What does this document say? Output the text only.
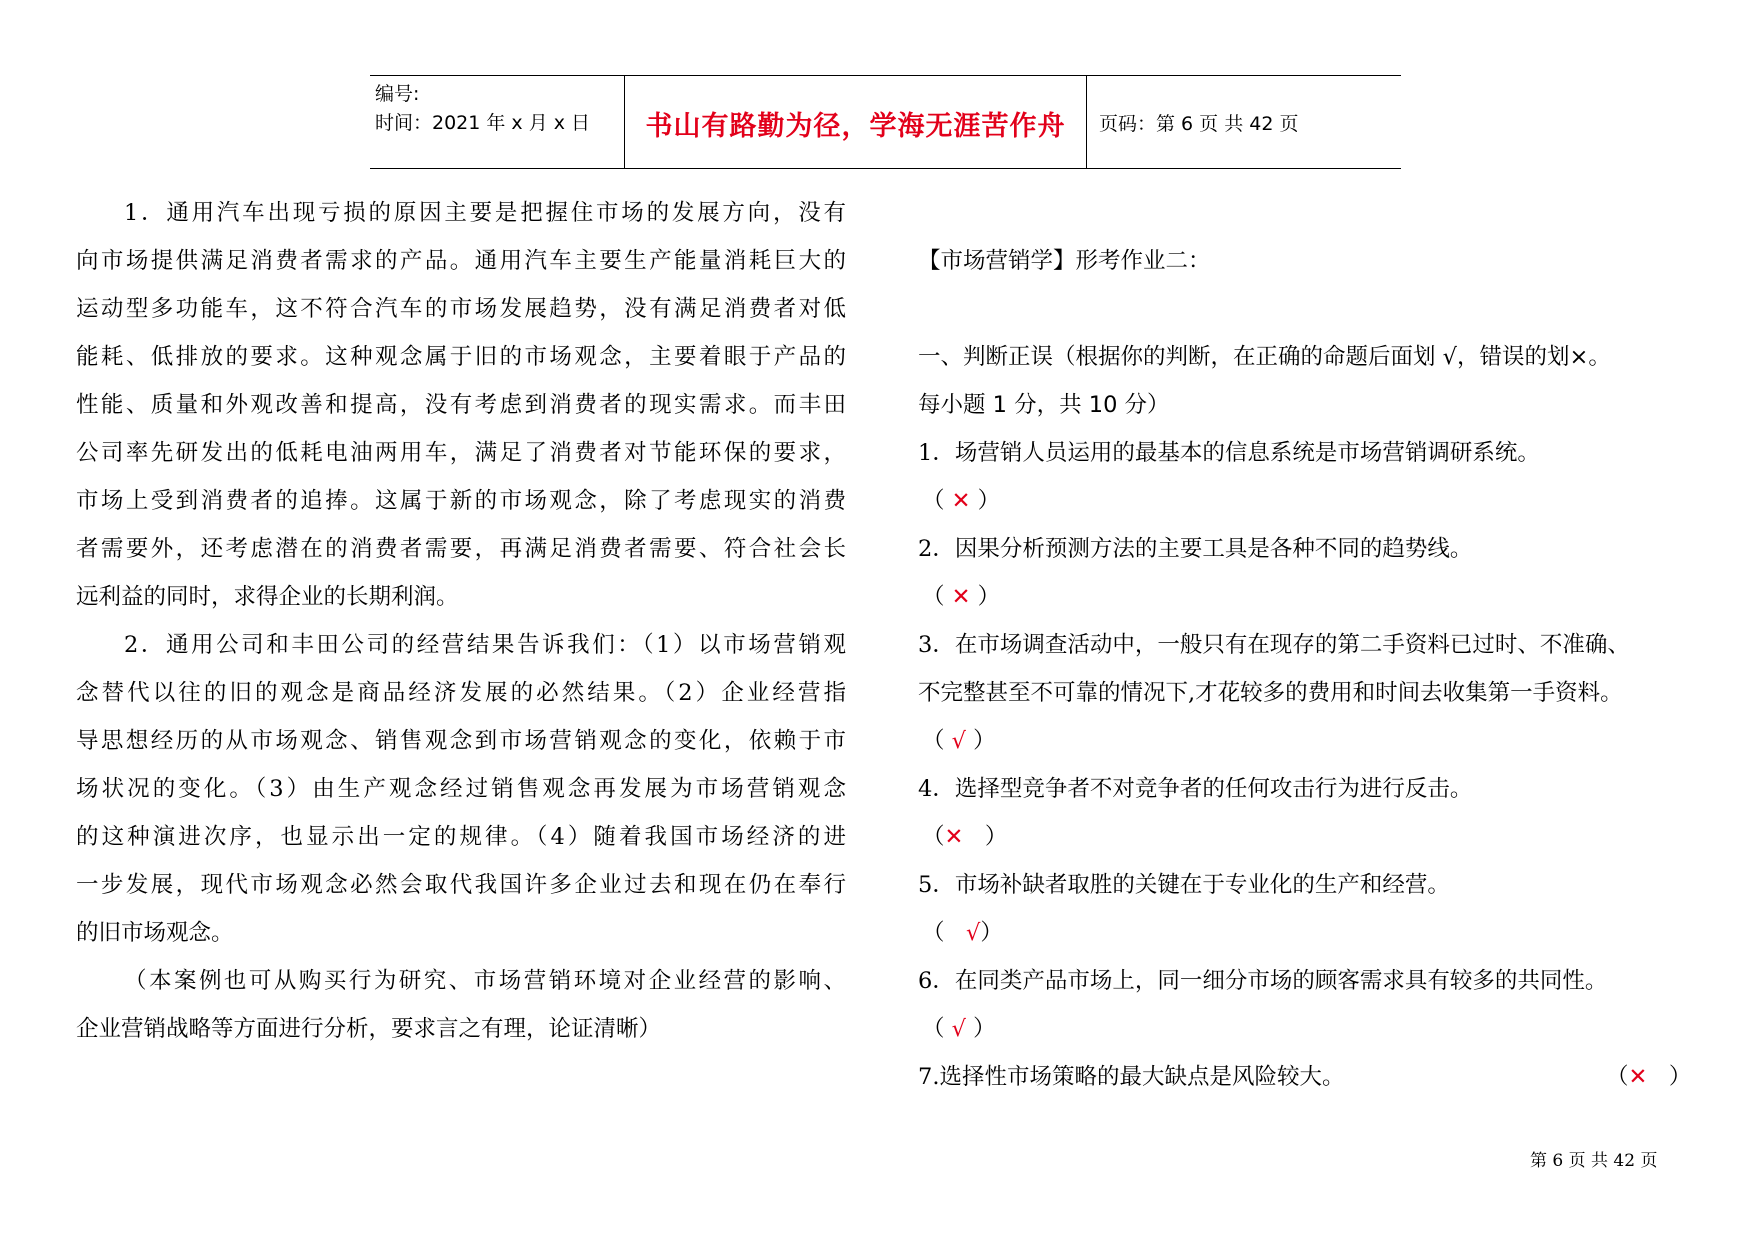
编号:
时间：2021 年 x 月 x 日	书山有路勤为径，学海无涯苦作舟	页码：第 6 页 共 42 页
1．通用汽车出现亏损的原因主要是把握住市场的发展方向，没有
向市场提供满足消费者需求的产品。通用汽车主要生产能量消耗巨大的
运动型多功能车，这不符合汽车的市场发展趋势，没有满足消费者对低
能耗、低排放的要求。这种观念属于旧的市场观念，主要着眼于产品的
性能、质量和外观改善和提高，没有考虑到消费者的现实需求。而丰田
公司率先研发出的低耗电油两用车，满足了消费者对节能环保的要求，
市场上受到消费者的追捧。这属于新的市场观念，除了考虑现实的消费
者需要外，还考虑潜在的消费者需要，再满足消费者需要、符合社会长
远利益的同时，求得企业的长期利润。
2．通用公司和丰田公司的经营结果告诉我们：（1）以市场营销观
念替代以往的旧的观念是商品经济发展的必然结果。（2）企业经营指
导思想经历的从市场观念、销售观念到市场营销观念的变化，依赖于市
场状况的变化。（3）由生产观念经过销售观念再发展为市场营销观念
的这种演进次序，也显示出一定的规律。（4）随着我国市场经济的进
一步发展，现代市场观念必然会取代我国许多企业过去和现在仍在奉行
的旧市场观念。
（本案例也可从购买行为研究、市场营销环境对企业经营的影响、
企业营销战略等方面进行分析，要求言之有理，论证清晰）
【市场营销学】形考作业二：
一、判断正误（根据你的判断，在正确的命题后面划 √，错误的划×。
每小题 1 分，共 10 分）
1．场营销人员运用的最基本的信息系统是市场营销调研系统。
（ ✕ ）
2．因果分析预测方法的主要工具是各种不同的趋势线。
（ ✕ ）
3．在市场调查活动中，一般只有在现存的第二手资料已过时、不准确、
不完整甚至不可靠的情况下,才花较多的费用和时间去收集第一手资料。
（ √ ）
4．选择型竞争者不对竞争者的任何攻击行为进行反击。
（✕   ）
5．市场补缺者取胜的关键在于专业化的生产和经营。
（   √）
6．在同类产品市场上，同一细分市场的顾客需求具有较多的共同性。
（ √ ）
7.选择性市场策略的最大缺点是风险较大。	（✕   ）
第 6 页 共 42 页
